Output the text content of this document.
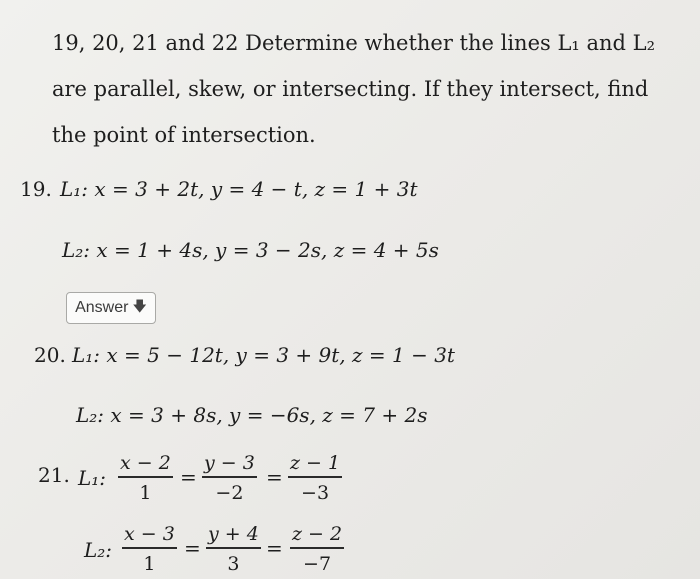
19, 20, 21 and 22 Determine whether the lines L₁ and L₂ are parallel, skew, or intersecting. If they intersect, find the point of intersection.
19. L₁: x = 3 + 2t, y = 4 − t, z = 1 + 3t
L₂: x = 1 + 4s, y = 3 − 2s, z = 4 + 5s
Answer 🡇
20. L₁: x = 5 − 12t, y = 3 + 9t, z = 1 − 3t
L₂: x = 3 + 8s, y = −6s, z = 7 + 2s
21. L₁:
x − 2
1
=
y − 3
−2
=
z − 1
−3
L₂:
x − 3
1
=
y + 4
3
=
z − 2
−7
